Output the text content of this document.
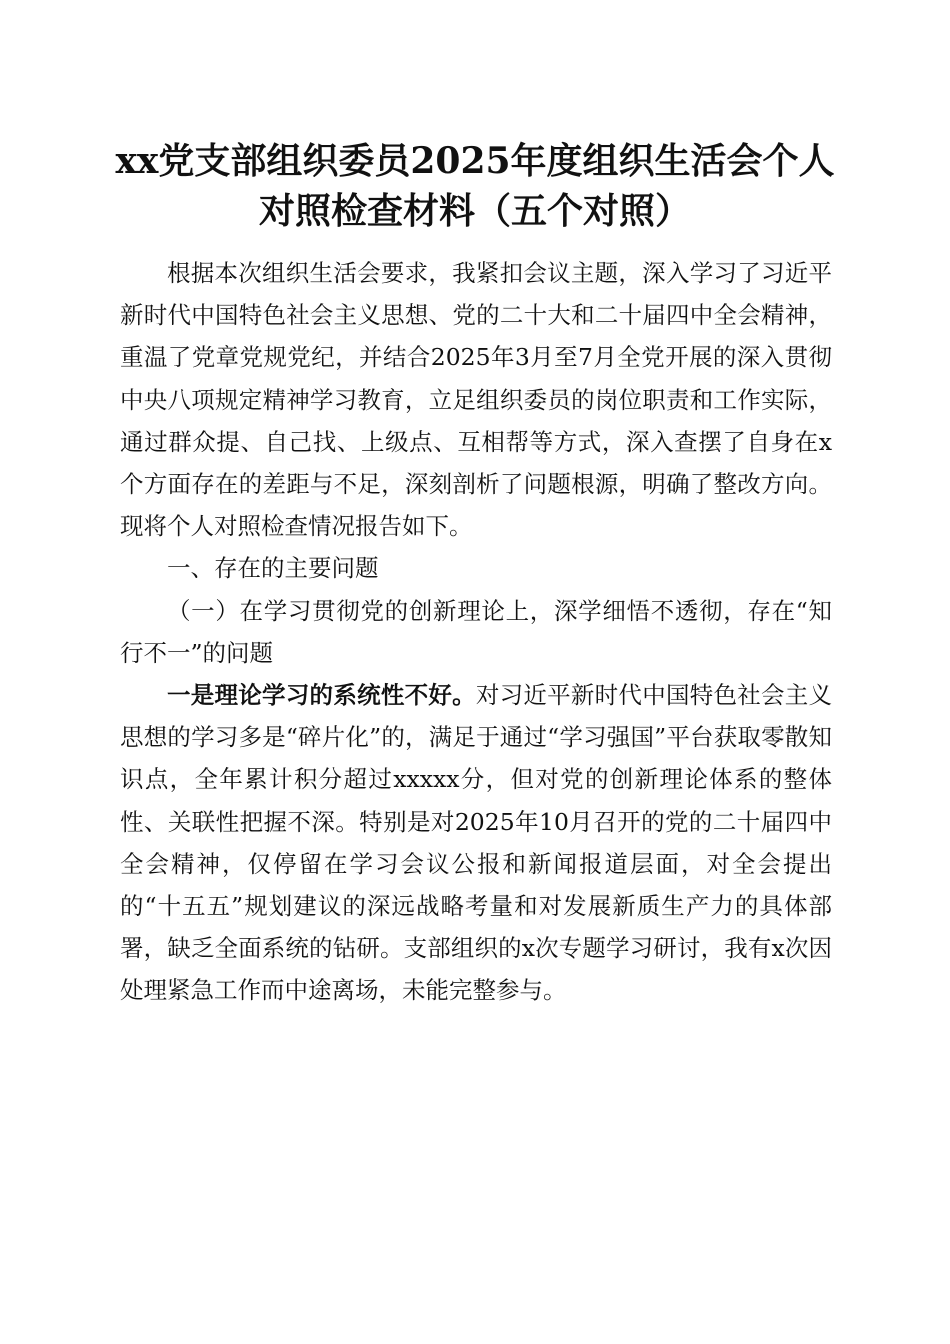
xx党支部组织委员2025年度组织生活会个人
对照检查材料（五个对照）

根据本次组织生活会要求，我紧扣会议主题，深入学习了习近平新时代中国特色社会主义思想、党的二十大和二十届四中全会精神，重温了党章党规党纪，并结合2025年3月至7月全党开展的深入贯彻中央八项规定精神学习教育，立足组织委员的岗位职责和工作实际，通过群众提、自己找、上级点、互相帮等方式，深入查摆了自身在x个方面存在的差距与不足，深刻剖析了问题根源，明确了整改方向。现将个人对照检查情况报告如下。

一、存在的主要问题

（一）在学习贯彻党的创新理论上，深学细悟不透彻，存在“知行不一”的问题

一是理论学习的系统性不好。对习近平新时代中国特色社会主义思想的学习多是“碎片化”的，满足于通过“学习强国”平台获取零散知识点，全年累计积分超过xxxxx分，但对党的创新理论体系的整体性、关联性把握不深。特别是对2025年10月召开的党的二十届四中全会精神，仅停留在学习会议公报和新闻报道层面，对全会提出的“十五五”规划建议的深远战略考量和对发展新质生产力的具体部署，缺乏全面系统的钻研。支部组织的x次专题学习研讨，我有x次因处理紧急工作而中途离场，未能完整参与。
